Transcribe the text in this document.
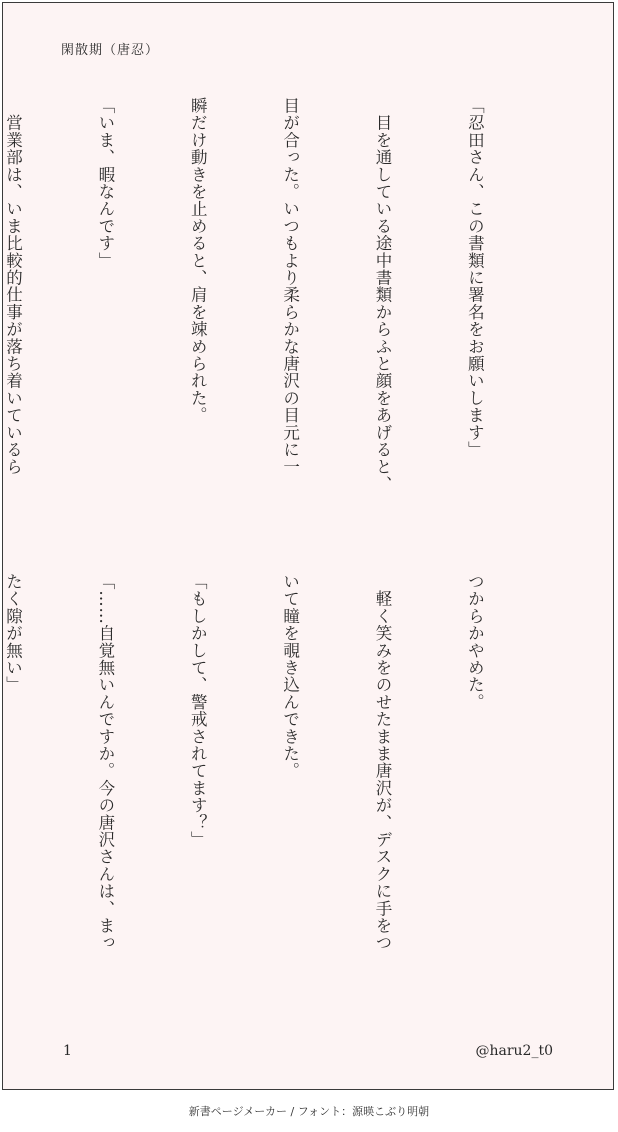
閑散期（唐忍）

「忍田さん、この書類に署名をお願いします」

　目を通している途中書類からふと顔をあげると、

目が合った。いつもより柔らかな唐沢の目元に一

瞬だけ動きを止めると、肩を竦められた。

「いま、暇なんです」

　営業部は、いま比較的仕事が落ち着いているら

つからかやめた。

　軽く笑みをのせたまま唐沢が、デスクに手をつ

いて瞳を覗き込んできた。

「もしかして、警戒されてます？」

「……自覚無いんですか。今の唐沢さんは、まっ

たく隙が無い」

1	@haru2_t0
新書ページメーカー / フォント：源暎こぶり明朝
